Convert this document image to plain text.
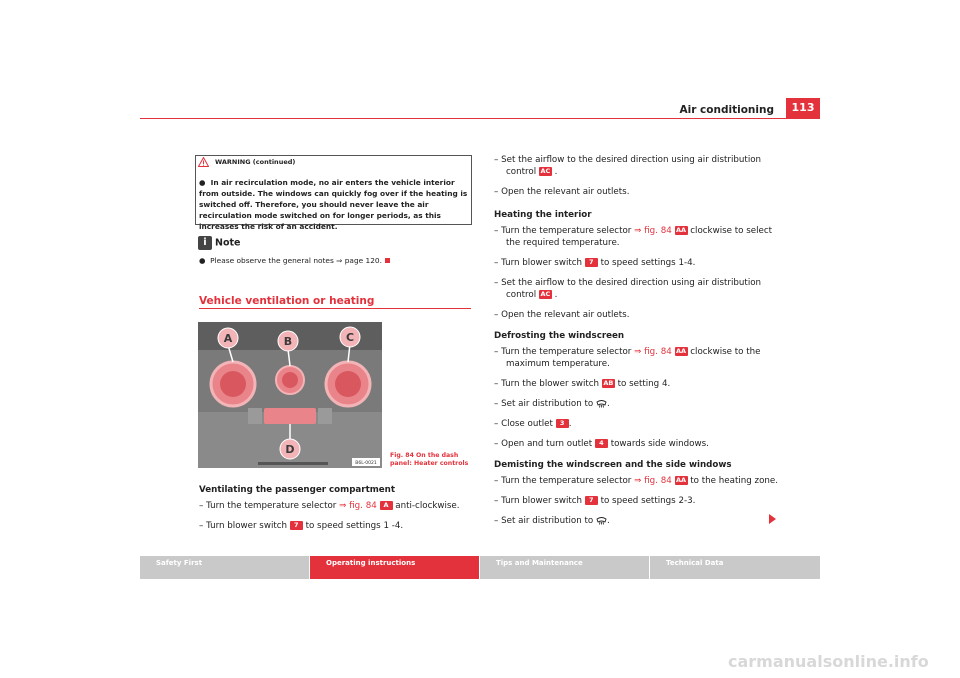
Air conditioning	113
WARNING (continued)
● In air recirculation mode, no air enters the vehicle interior from outside. The windows can quickly fog over if the heating is switched off. Therefore, you should never leave the air recirculation mode switched on for longer periods, as this increases the risk of an accident.
i Note
● Please observe the general notes ⇒ page 120.
Vehicle ventilation or heating
A	B	C
D
B6L-0021
Fig. 84 On the dash panel: Heater controls
Ventilating the passenger compartment
– Turn the temperature selector ⇒ fig. 84 A anti-clockwise.
– Turn blower switch 7 to speed settings 1 -4.
– Set the airflow to the desired direction using air distribution
control AC .
– Open the relevant air outlets.
Heating the interior
– Turn the temperature selector ⇒ fig. 84 AA clockwise to select
the required temperature.
– Turn blower switch 7 to speed settings 1-4.
– Set the airflow to the desired direction using air distribution
control AC .
– Open the relevant air outlets.
Defrosting the windscreen
– Turn the temperature selector ⇒ fig. 84 AA clockwise to the
maximum temperature.
– Turn the blower switch AB to setting 4.
– Set air distribution to .
– Close outlet 3 .
– Open and turn outlet 4 towards side windows.
Demisting the windscreen and the side windows
– Turn the temperature selector ⇒ fig. 84 AA to the heating zone.
– Turn blower switch 7 to speed settings 2-3.
– Set air distribution to .
Safety First	Operating instructions	Tips and Maintenance	Technical Data
carmanualsonline.info
